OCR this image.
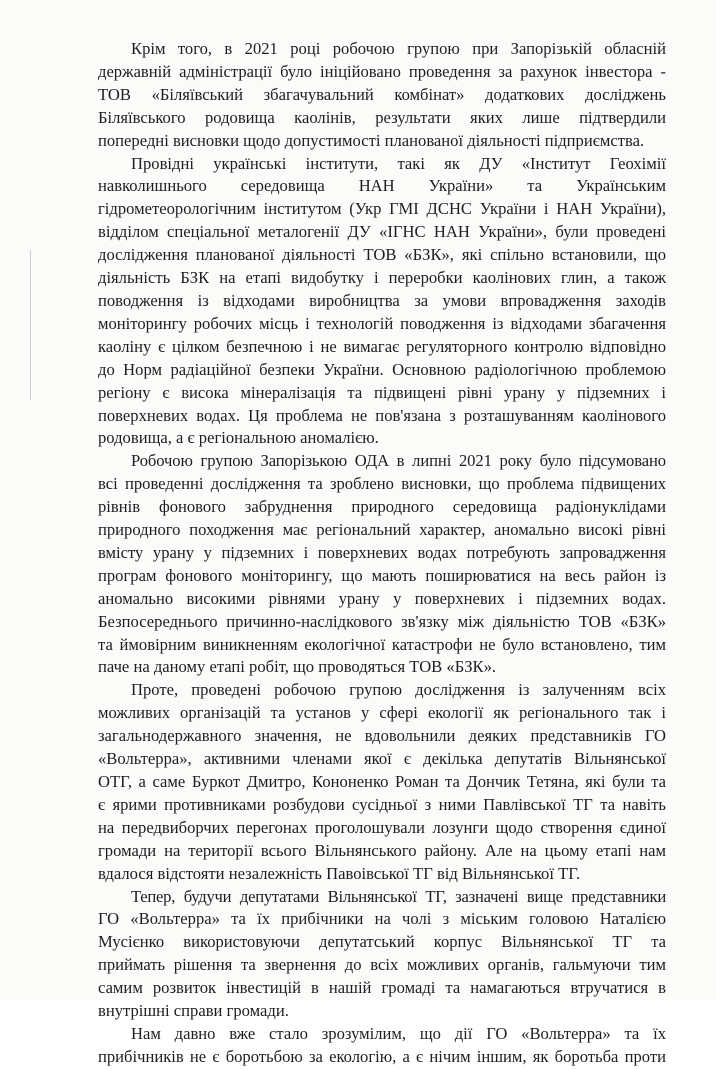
Крім того, в 2021 році робочою групою при Запорізькій обласній
державній адміністрації було ініційовано проведення за рахунок інвестора -
ТОВ «Біляївський збагачувальний комбінат» додаткових досліджень
Біляївського родовища каолінів, результати яких лише підтвердили
попередні висновки щодо допустимості планованої діяльності підприємства.
Провідні українські інститути, такі як ДУ «Інститут Геохімії
навколишнього середовища НАН України» та Українським
гідрометеорологічним інститутом (Укр ГМІ ДСНС України і НАН України),
відділом спеціальної металогенії ДУ «ІГНС НАН України», були проведені
дослідження планованої діяльності ТОВ «БЗК», які спільно встановили, що
діяльність БЗК на етапі видобутку і переробки каолінових глин, а також
поводження із відходами виробництва за умови впровадження заходів
моніторингу робочих місць і технологій поводження із відходами збагачення
каоліну є цілком безпечною і не вимагає регуляторного контролю відповідно
до Норм радіаційної безпеки України. Основною радіологічною проблемою
регіону є висока мінералізація та підвищені рівні урану у підземних і
поверхневих водах. Ця проблема не пов'язана з розташуванням каолінового
родовища, а є регіональною аномалією.
Робочою групою Запорізькою ОДА в липні 2021 року було підсумовано
всі проведенні дослідження та зроблено висновки, що проблема підвищених
рівнів фонового забруднення природного середовища радіонуклідами
природного походження має регіональний характер, аномально високі рівні
вмісту урану у підземних і поверхневих водах потребують запровадження
програм фонового моніторингу, що мають поширюватися на весь район із
аномально високими рівнями урану у поверхневих і підземних водах.
Безпосереднього причинно-наслідкового зв'язку між діяльністю ТОВ «БЗК»
та ймовірним виникненням екологічної катастрофи не було встановлено, тим
паче на даному етапі робіт, що проводяться ТОВ «БЗК».
Проте, проведені робочою групою дослідження із залученням всіх
можливих організацій та установ у сфері екології як регіонального так і
загальнодержавного значення, не вдовольнили деяких представників ГО
«Вольтерра», активними членами якої є декілька депутатів Вільнянської
ОТГ, а саме Буркот Дмитро, Кононенко Роман та Дончик Тетяна, які були та
є ярими противниками розбудови сусідньої з ними Павлівської ТГ та навіть
на передвиборчих перегонах проголошували лозунги щодо створення єдиної
громади на території всього Вільнянського району. Але на цьому етапі нам
вдалося відстояти незалежність Павоівської ТГ від Вільнянської ТГ.
Тепер, будучи депутатами Вільнянської ТГ, зазначені вище представники
ГО «Вольтерра» та їх прибічники на чолі з міським головою Наталією
Мусієнко використовуючи депутатський корпус Вільнянської ТГ та
приймать рішення та звернення до всіх можливих органів, гальмуючи тим
самим розвиток інвестицій в нашій громаді та намагаються втручатися в
внутрішні справи громади.
Нам давно вже стало зрозумілим, що дії ГО «Вольтерра» та їх
прибічників не є боротьбою за екологію, а є нічим іншим, як боротьба проти
